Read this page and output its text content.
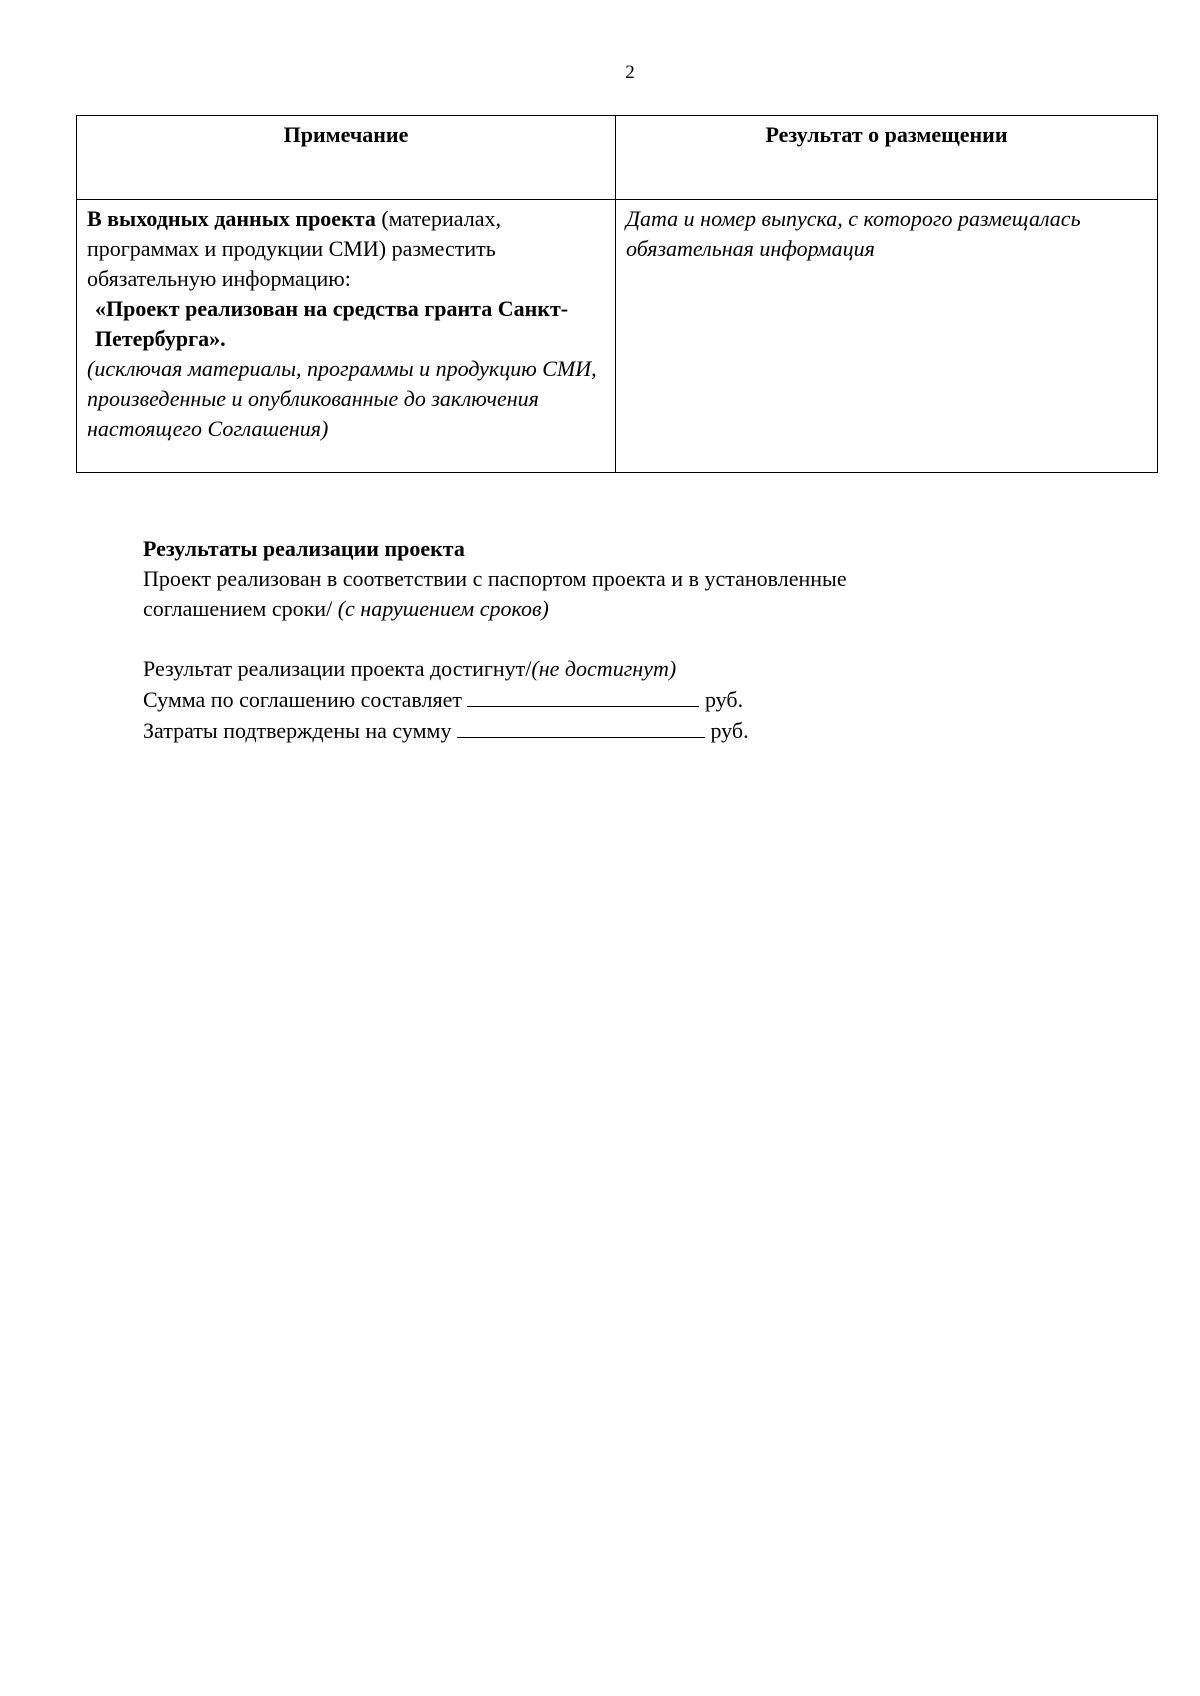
2
Примечание	Результат о размещении
В выходных данных проекта (материалах, программах и продукции СМИ) разместить обязательную информацию:
«Проект реализован на средства гранта Санкт-Петербурга».
(исключая материалы, программы и продукцию СМИ, произведенные и опубликованные до заключения настоящего Соглашения)	Дата и номер выпуска, с которого размещалась обязательная информация

Результаты реализации проекта

Проект реализован в соответствии с паспортом проекта и в установленные

соглашением сроки/ (с нарушением сроков)

Результат реализации проекта достигнут/(не достигнут)

Сумма по соглашению составляет	руб.

Затраты подтверждены на сумму	руб.
